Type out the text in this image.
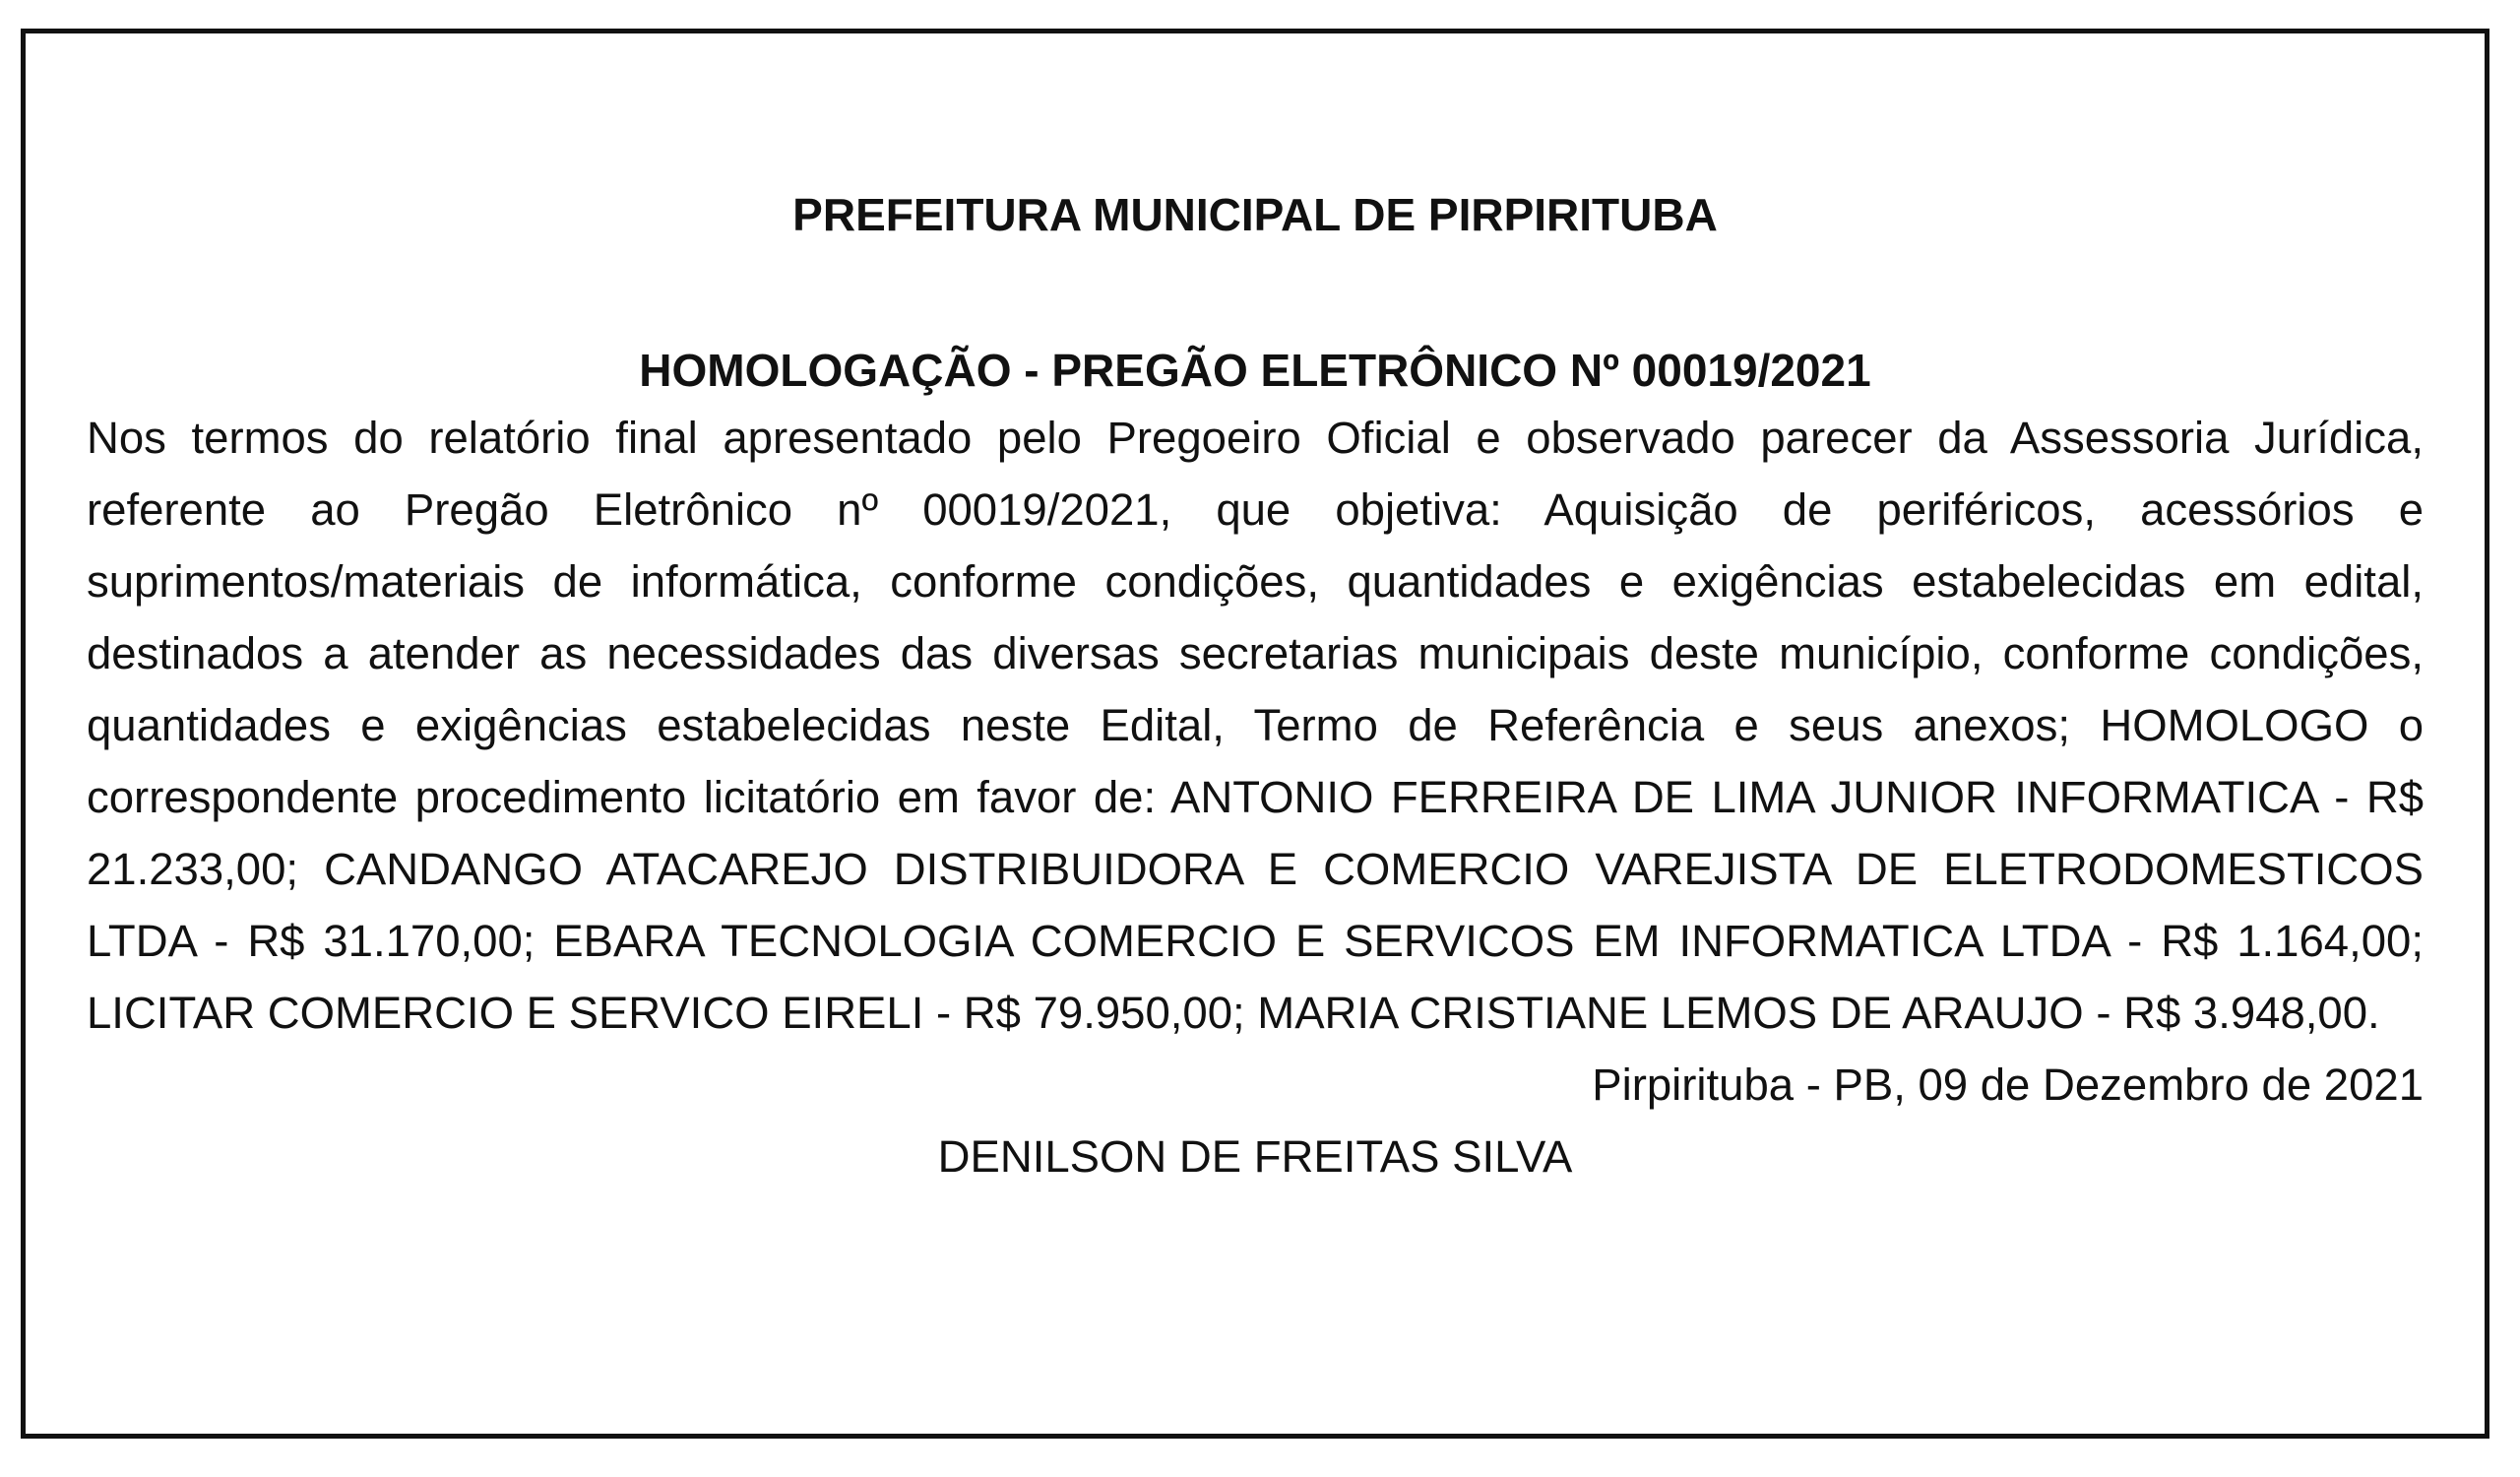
PREFEITURA MUNICIPAL DE PIRPIRITUBA

HOMOLOGAÇÃO - PREGÃO ELETRÔNICO Nº 00019/2021

Nos termos do relatório final apresentado pelo Pregoeiro Oficial e observado parecer da Assessoria Jurídica, referente ao Pregão Eletrônico nº 00019/2021, que objetiva: Aquisição de periféricos, acessórios e suprimentos/materiais de informática, conforme condições, quantidades e exigências estabelecidas em edital, destinados a atender as necessidades das diversas secretarias municipais deste município, conforme condições, quantidades e exigências estabelecidas neste Edital, Termo de Referência e seus anexos; HOMOLOGO o correspondente procedimento licitatório em favor de: ANTONIO FERREIRA DE LIMA JUNIOR INFORMATICA - R$ 21.233,00; CANDANGO ATACAREJO DISTRIBUIDORA E COMERCIO VAREJISTA DE ELETRODOMESTICOS LTDA - R$ 31.170,00; EBARA TECNOLOGIA COMERCIO E SERVICOS EM INFORMATICA LTDA - R$ 1.164,00; LICITAR COMERCIO E SERVICO EIRELI - R$ 79.950,00; MARIA CRISTIANE LEMOS DE ARAUJO - R$ 3.948,00.

Pirpirituba - PB, 09 de Dezembro de 2021

DENILSON DE FREITAS SILVA
